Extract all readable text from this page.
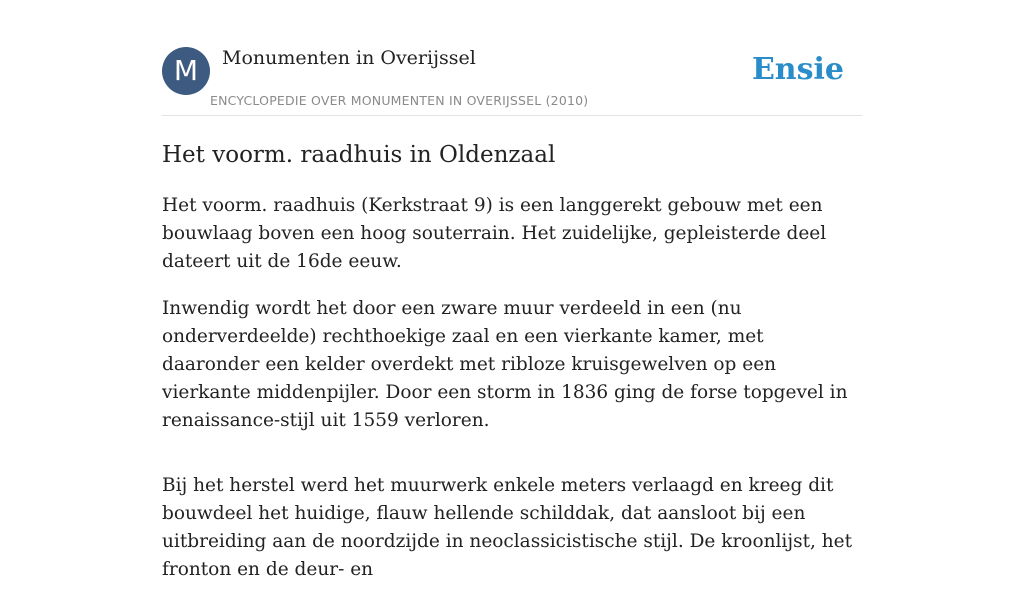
M	Monumenten in Overijssel
ENCYCLOPEDIE OVER MONUMENTEN IN OVERIJSSEL (2010)
Ensie
Het voorm. raadhuis in Oldenzaal

Het voorm. raadhuis (Kerkstraat 9) is een langgerekt gebouw met een bouwlaag boven een hoog souterrain. Het zuidelijke, gepleisterde deel dateert uit de 16de eeuw.

Inwendig wordt het door een zware muur verdeeld in een (nu onderverdeelde) rechthoekige zaal en een vierkante kamer, met daaronder een kelder overdekt met ribloze kruisgewelven op een vierkante middenpijler. Door een storm in 1836 ging de forse topgevel in renaissance-stijl uit 1559 verloren.

Bij het herstel werd het muurwerk enkele meters verlaagd en kreeg dit bouwdeel het huidige, flauw hellende schilddak, dat aansloot bij een uitbreiding aan de noordzijde in neoclassicistische stijl. De kroonlijst, het fronton en de deur- en
